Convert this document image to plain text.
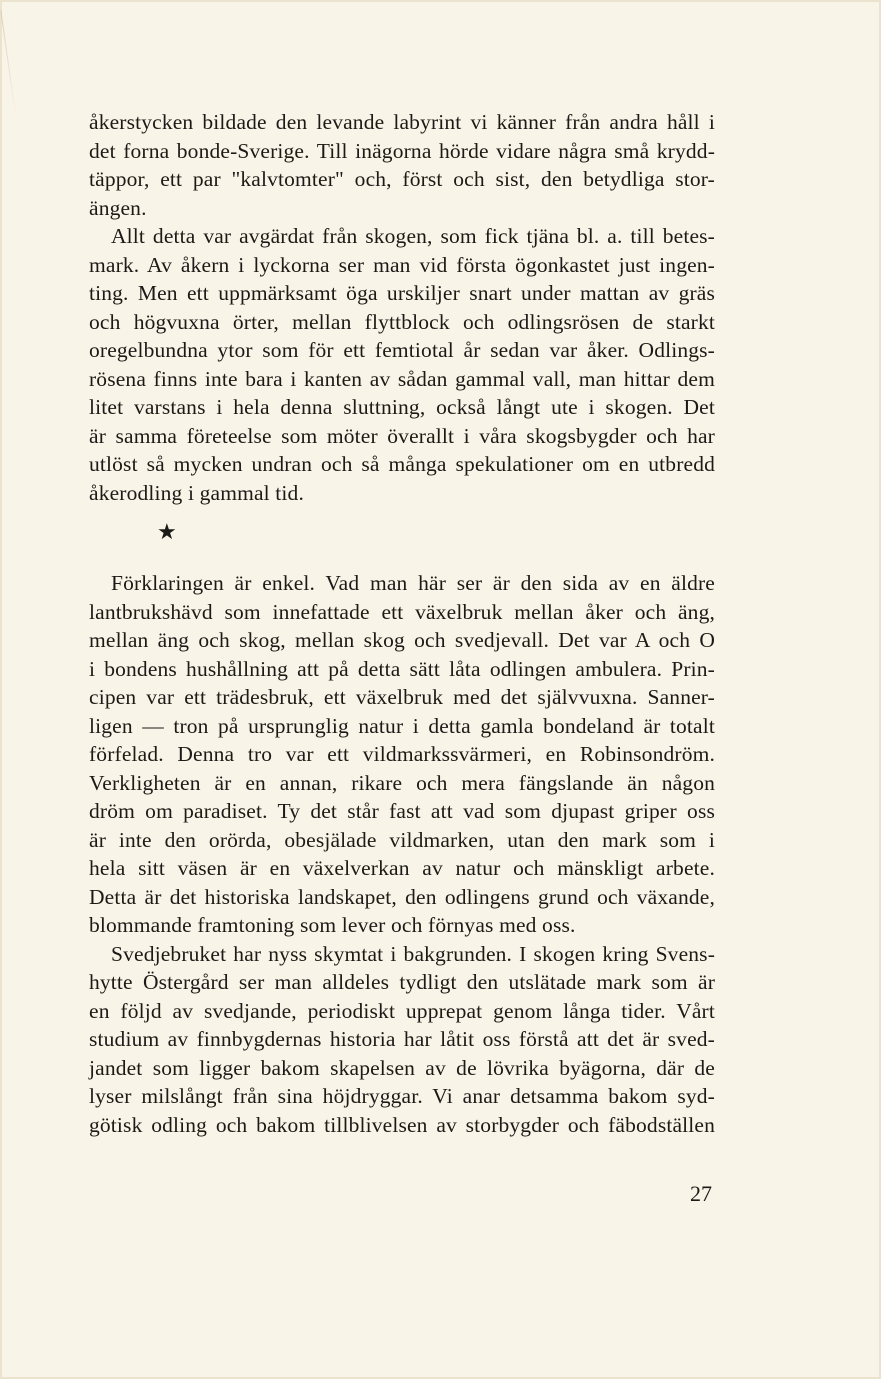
åkerstycken bildade den levande labyrint vi känner från andra håll i
det forna bonde-Sverige. Till inägorna hörde vidare några små krydd-
täppor, ett par "kalvtomter" och, först och sist, den betydliga stor-
ängen.
Allt detta var avgärdat från skogen, som fick tjäna bl. a. till betes-
mark. Av åkern i lyckorna ser man vid första ögonkastet just ingen-
ting. Men ett uppmärksamt öga urskiljer snart under mattan av gräs
och högvuxna örter, mellan flyttblock och odlingsrösen de starkt
oregelbundna ytor som för ett femtiotal år sedan var åker. Odlings-
rösena finns inte bara i kanten av sådan gammal vall, man hittar dem
litet varstans i hela denna sluttning, också långt ute i skogen. Det
är samma företeelse som möter överallt i våra skogsbygder och har
utlöst så mycken undran och så många spekulationer om en utbredd
åkerodling i gammal tid.
★
Förklaringen är enkel. Vad man här ser är den sida av en äldre
lantbrukshävd som innefattade ett växelbruk mellan åker och äng,
mellan äng och skog, mellan skog och svedjevall. Det var A och O
i bondens hushållning att på detta sätt låta odlingen ambulera. Prin-
cipen var ett trädesbruk, ett växelbruk med det självvuxna. Sanner-
ligen — tron på ursprunglig natur i detta gamla bondeland är totalt
förfelad. Denna tro var ett vildmarkssvärmeri, en Robinsondröm.
Verkligheten är en annan, rikare och mera fängslande än någon
dröm om paradiset. Ty det står fast att vad som djupast griper oss
är inte den orörda, obesjälade vildmarken, utan den mark som i
hela sitt väsen är en växelverkan av natur och mänskligt arbete.
Detta är det historiska landskapet, den odlingens grund och växande,
blommande framtoning som lever och förnyas med oss.
Svedjebruket har nyss skymtat i bakgrunden. I skogen kring Svens-
hytte Östergård ser man alldeles tydligt den utslätade mark som är
en följd av svedjande, periodiskt upprepat genom långa tider. Vårt
studium av finnbygdernas historia har låtit oss förstå att det är sved-
jandet som ligger bakom skapelsen av de lövrika byägorna, där de
lyser milslångt från sina höjdryggar. Vi anar detsamma bakom syd-
götisk odling och bakom tillblivelsen av storbygder och fäbodställen
27
